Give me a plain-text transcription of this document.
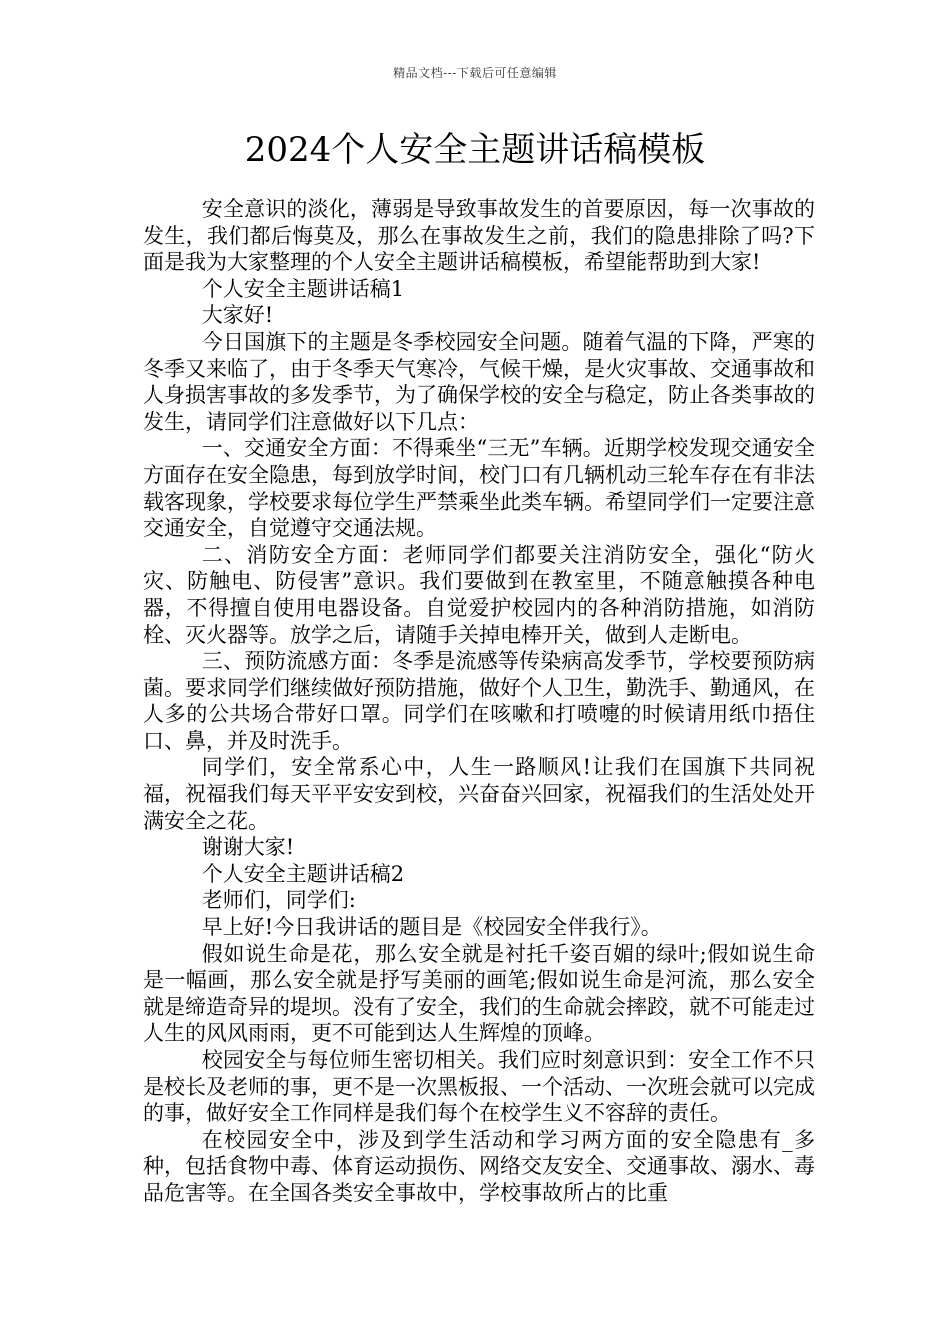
精品文档---下载后可任意编辑
2024个人安全主题讲话稿模板

安全意识的淡化，薄弱是导致事故发生的首要原因，每一次事故的发生，我们都后悔莫及，那么在事故发生之前，我们的隐患排除了吗?下面是我为大家整理的个人安全主题讲话稿模板，希望能帮助到大家!

个人安全主题讲话稿1

大家好!

今日国旗下的主题是冬季校园安全问题。随着气温的下降，严寒的冬季又来临了，由于冬季天气寒冷，气候干燥，是火灾事故、交通事故和人身损害事故的多发季节，为了确保学校的安全与稳定，防止各类事故的发生，请同学们注意做好以下几点：

一、交通安全方面：不得乘坐“三无”车辆。近期学校发现交通安全方面存在安全隐患，每到放学时间，校门口有几辆机动三轮车存在有非法载客现象，学校要求每位学生严禁乘坐此类车辆。希望同学们一定要注意交通安全，自觉遵守交通法规。

二、消防安全方面：老师同学们都要关注消防安全，强化“防火灾、防触电、防侵害”意识。我们要做到在教室里，不随意触摸各种电器，不得擅自使用电器设备。自觉爱护校园内的各种消防措施，如消防栓、灭火器等。放学之后，请随手关掉电棒开关，做到人走断电。

三、预防流感方面：冬季是流感等传染病高发季节，学校要预防病菌。要求同学们继续做好预防措施，做好个人卫生，勤洗手、勤通风，在人多的公共场合带好口罩。同学们在咳嗽和打喷嚏的时候请用纸巾捂住口、鼻，并及时洗手。

同学们，安全常系心中，人生一路顺风!让我们在国旗下共同祝福，祝福我们每天平平安安到校，兴奋奋兴回家，祝福我们的生活处处开满安全之花。

谢谢大家!

个人安全主题讲话稿2

老师们，同学们:

早上好!今日我讲话的题目是《校园安全伴我行》。

假如说生命是花，那么安全就是衬托千姿百媚的绿叶;假如说生命是一幅画，那么安全就是抒写美丽的画笔;假如说生命是河流，那么安全就是缔造奇异的堤坝。没有了安全，我们的生命就会摔跤，就不可能走过人生的风风雨雨，更不可能到达人生辉煌的顶峰。

校园安全与每位师生密切相关。我们应时刻意识到：安全工作不只是校长及老师的事，更不是一次黑板报、一个活动、一次班会就可以完成的事，做好安全工作同样是我们每个在校学生义不容辞的责任。

在校园安全中，涉及到学生活动和学习两方面的安全隐患有_多种，包括食物中毒、体育运动损伤、网络交友安全、交通事故、溺水、毒品危害等。在全国各类安全事故中，学校事故所占的比重
